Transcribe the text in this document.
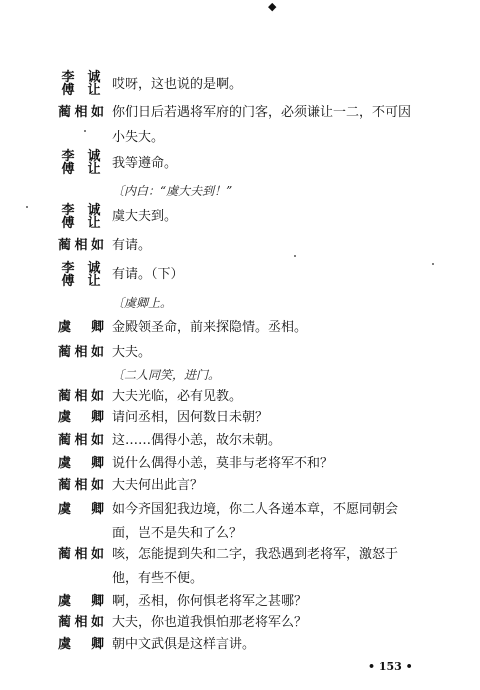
◆
李
傅
诚
让 哎呀，这也说的是啊。
蔺相如 你们日后若遇将军府的门客，必须谦让一二，不可因
小失大。
李
傅
诚
让 我等遵命。
〔内白：“虞大夫到！”
李
傅
诚
让 虞大夫到。
蔺相如 有请。
李
傅
诚
让 有请。（下）
〔虞卿上。
虞　卿 金殿领圣命，前来探隐情。丞相。
蔺相如 大夫。
〔二人同笑，进门。
蔺相如 大夫光临，必有见教。
虞　卿 请问丞相，因何数日未朝？
蔺相如 这……偶得小恙，故尔未朝。
虞　卿 说什么偶得小恙，莫非与老将军不和？
蔺相如 大夫何出此言？
虞　卿 如今齐国犯我边境，你二人各递本章，不愿同朝会
面，岂不是失和了么？
蔺相如 咳，怎能提到失和二字，我恐遇到老将军，激怒于
他，有些不便。
虞　卿 啊，丞相，你何惧老将军之甚哪？
蔺相如 大夫，你也道我惧怕那老将军么？
虞　卿 朝中文武俱是这样言讲。
• 153 •
